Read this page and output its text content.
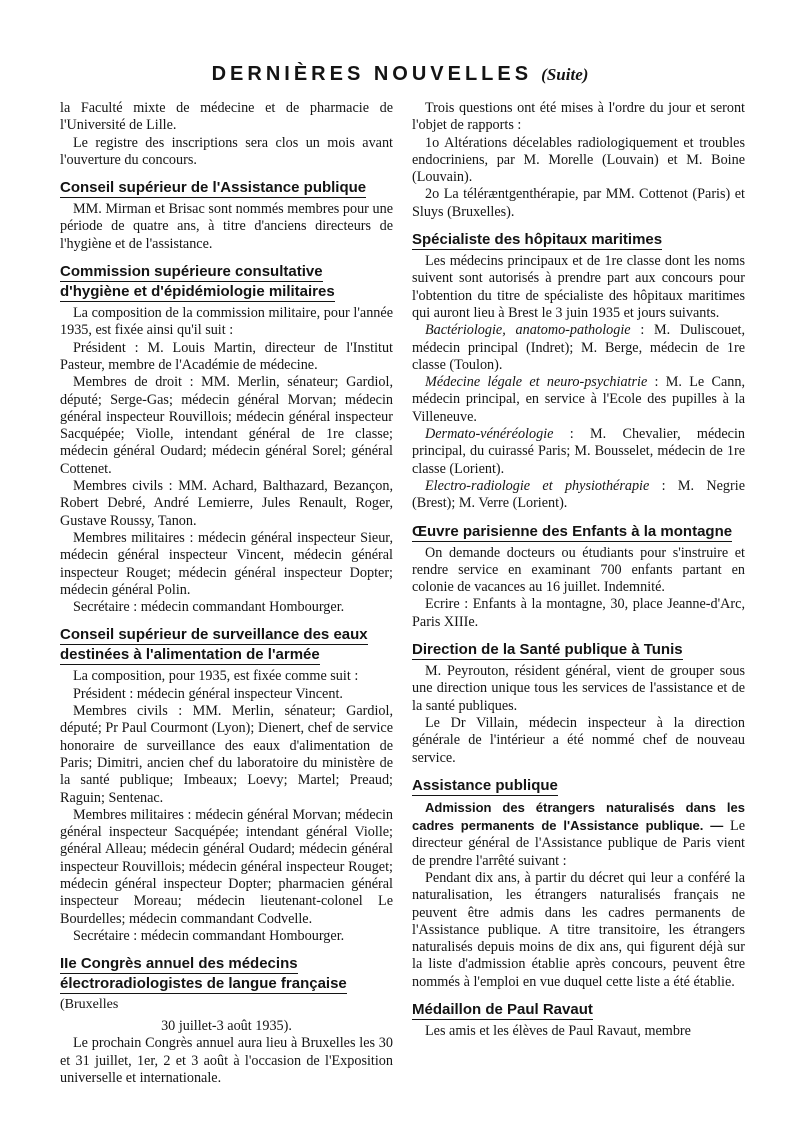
DERNIÈRES NOUVELLES (Suite)

la Faculté mixte de médecine et de pharmacie de l'Université de Lille.

Le registre des inscriptions sera clos un mois avant l'ouverture du concours.

Conseil supérieur de l'Assistance publique

MM. Mirman et Brisac sont nommés membres pour une période de quatre ans, à titre d'anciens directeurs de l'hygiène et de l'assistance.

Commission supérieure consultative d'hygiène et d'épidémiologie militaires

La composition de la commission militaire, pour l'année 1935, est fixée ainsi qu'il suit :

Président : M. Louis Martin, directeur de l'Institut Pasteur, membre de l'Académie de médecine.

Membres de droit : MM. Merlin, sénateur; Gardiol, député; Serge-Gas; médecin général Morvan; médecin général inspecteur Rouvillois; médecin général inspecteur Sacquépée; Violle, intendant général de 1re classe; médecin général Oudard; médecin général Sorel; général Cottenet.

Membres civils : MM. Achard, Balthazard, Bezançon, Robert Debré, André Lemierre, Jules Renault, Roger, Gustave Roussy, Tanon.

Membres militaires : médecin général inspecteur Sieur, médecin général inspecteur Vincent, médecin général inspecteur Rouget; médecin général inspecteur Dopter; médecin général Polin.

Secrétaire : médecin commandant Hombourger.

Conseil supérieur de surveillance des eaux destinées à l'alimentation de l'armée

La composition, pour 1935, est fixée comme suit :

Président : médecin général inspecteur Vincent.

Membres civils : MM. Merlin, sénateur; Gardiol, député; Pr Paul Courmont (Lyon); Dienert, chef de service honoraire de surveillance des eaux d'alimentation de Paris; Dimitri, ancien chef du laboratoire du ministère de la santé publique; Imbeaux; Loevy; Martel; Preaud; Raguin; Sentenac.

Membres militaires : médecin général Morvan; médecin général inspecteur Sacquépée; intendant général Violle; général Alleau; médecin général Oudard; médecin général inspecteur Rouvillois; médecin général inspecteur Rouget; médecin général inspecteur Dopter; pharmacien général inspecteur Moreau; médecin lieutenant-colonel Le Bourdelles; médecin commandant Codvelle.

Secrétaire : médecin commandant Hombourger.

IIe Congrès annuel des médecins électroradiologistes de langue française (Bruxelles

30 juillet-3 août 1935).

Le prochain Congrès annuel aura lieu à Bruxelles les 30 et 31 juillet, 1er, 2 et 3 août à l'occasion de l'Exposition universelle et internationale.

Trois questions ont été mises à l'ordre du jour et seront l'objet de rapports :

1o Altérations décelables radiologiquement et troubles endocriniens, par M. Morelle (Louvain) et M. Boine (Louvain).

2o La téléræntgenthérapie, par MM. Cottenot (Paris) et Sluys (Bruxelles).

Spécialiste des hôpitaux maritimes

Les médecins principaux et de 1re classe dont les noms suivent sont autorisés à prendre part aux concours pour l'obtention du titre de spécialiste des hôpitaux maritimes qui auront lieu à Brest le 3 juin 1935 et jours suivants.

Bactériologie, anatomo-pathologie : M. Duliscouet, médecin principal (Indret); M. Berge, médecin de 1re classe (Toulon).

Médecine légale et neuro-psychiatrie : M. Le Cann, médecin principal, en service à l'Ecole des pupilles à la Villeneuve.

Dermato-vénéréologie : M. Chevalier, médecin principal, du cuirassé Paris; M. Bousselet, médecin de 1re classe (Lorient).

Electro-radiologie et physiothérapie : M. Negrie (Brest); M. Verre (Lorient).

Œuvre parisienne des Enfants à la montagne

On demande docteurs ou étudiants pour s'instruire et rendre service en examinant 700 enfants partant en colonie de vacances au 16 juillet. Indemnité.

Ecrire : Enfants à la montagne, 30, place Jeanne-d'Arc, Paris XIIIe.

Direction de la Santé publique à Tunis

M. Peyrouton, résident général, vient de grouper sous une direction unique tous les services de l'assistance et de la santé publiques.

Le Dr Villain, médecin inspecteur à la direction générale de l'intérieur a été nommé chef de nouveau service.

Assistance publique

Admission des étrangers naturalisés dans les cadres permanents de l'Assistance publique. — Le directeur général de l'Assistance publique de Paris vient de prendre l'arrêté suivant :

Pendant dix ans, à partir du décret qui leur a conféré la naturalisation, les étrangers naturalisés français ne peuvent être admis dans les cadres permanents de l'Assistance publique. A titre transitoire, les étrangers naturalisés depuis moins de dix ans, qui figurent déjà sur la liste d'admission établie après concours, peuvent être nommés à l'emploi en vue duquel cette liste a été établie.

Médaillon de Paul Ravaut

Les amis et les élèves de Paul Ravaut, membre
